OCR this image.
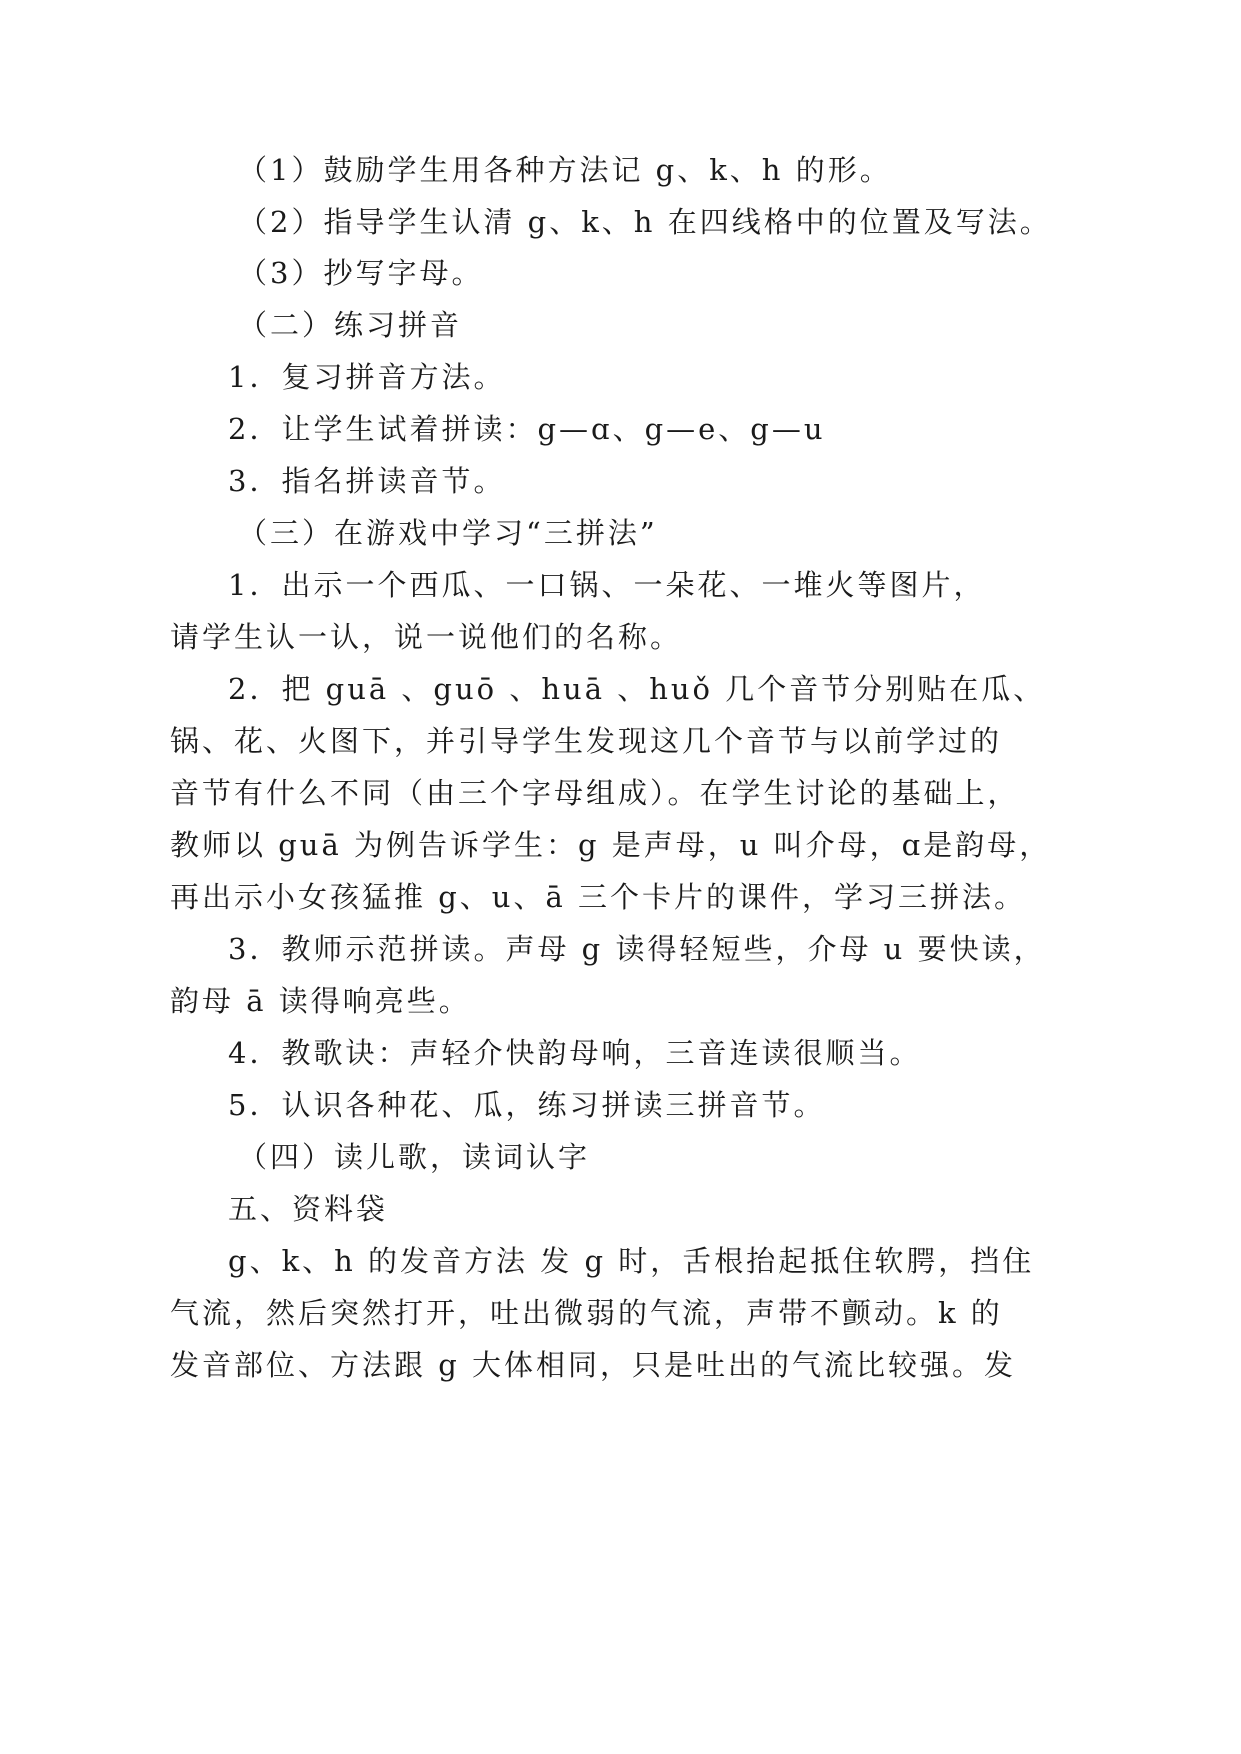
（1）鼓励学生用各种方法记 g、k、h 的形。

（2）指导学生认清 g、k、h 在四线格中的位置及写法。

（3）抄写字母。

（二）练习拼音

1．复习拼音方法。

2．让学生试着拼读：g—ɑ、g—e、g—u

3．指名拼读音节。

（三）在游戏中学习“三拼法”

1．出示一个西瓜、一口锅、一朵花、一堆火等图片，

请学生认一认，说一说他们的名称。

2．把 guā 、guō 、huā 、huǒ 几个音节分别贴在瓜、

锅、花、火图下，并引导学生发现这几个音节与以前学过的

音节有什么不同（由三个字母组成）。在学生讨论的基础上，

教师以 guā 为例告诉学生：g 是声母，u 叫介母，ɑ是韵母，

再出示小女孩猛推 g、u、ā 三个卡片的课件，学习三拼法。

3．教师示范拼读。声母 g 读得轻短些，介母 u 要快读，

韵母 ā 读得响亮些。

4．教歌诀：声轻介快韵母响，三音连读很顺当。

5．认识各种花、瓜，练习拼读三拼音节。

（四）读儿歌，读词认字

五、资料袋

g、k、h 的发音方法 发 g 时，舌根抬起抵住软腭，挡住

气流，然后突然打开，吐出微弱的气流，声带不颤动。k 的

发音部位、方法跟 g 大体相同，只是吐出的气流比较强。发
